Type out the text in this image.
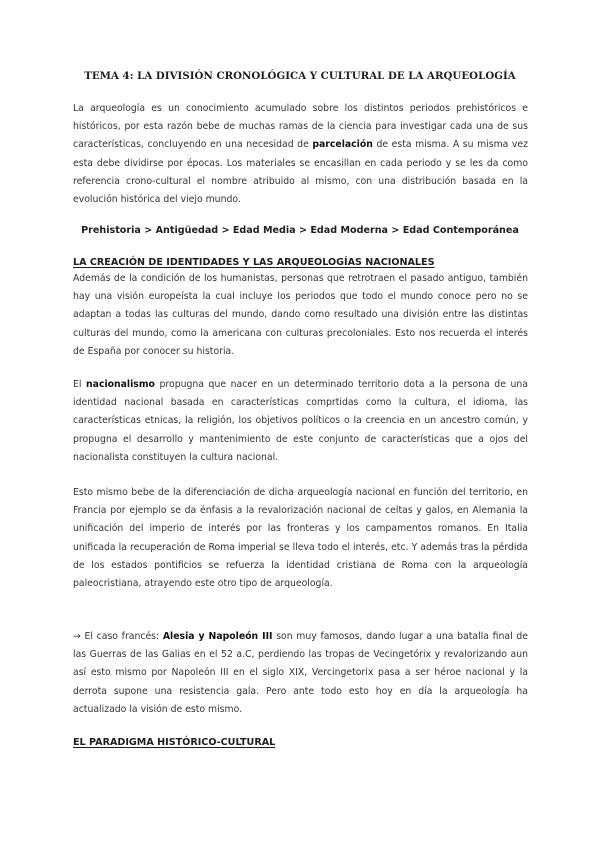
TEMA 4: LA DIVISIÓN CRONOLÓGICA Y CULTURAL DE LA ARQUEOLOGÍA

La arqueología es un conocimiento acumulado sobre los distintos periodos prehistóricos e históricos, por esta razón bebe de muchas ramas de la ciencia para investigar cada una de sus características, concluyendo en una necesidad de parcelación de esta misma. A su misma vez esta debe dividirse por épocas. Los materiales se encasillan en cada periodo y se les da como referencia crono-cultural el nombre atribuido al mismo, con una distribución basada en la evolución histórica del viejo mundo.

Prehistoria > Antigüedad > Edad Media > Edad Moderna > Edad Contemporánea
LA CREACIÓN DE IDENTIDADES Y LAS ARQUEOLOGÍAS NACIONALES

Además de la condición de los humanistas, personas que retrotraen el pasado antiguo, también hay una visión europeísta la cual incluye los periodos que todo el mundo conoce pero no se adaptan a todas las culturas del mundo, dando como resultado una división entre las distintas culturas del mundo, como la americana con culturas precoloniales. Esto nos recuerda el interés de España por conocer su historia.

El nacionalismo propugna que nacer en un determinado territorio dota a la persona de una identidad nacional basada en características comprtidas como la cultura, el idioma, las características etnicas, la religión, los objetivos políticos o la creencia en un ancestro común, y propugna el desarrollo y mantenimiento de este conjunto de características que a ojos del nacionalista constituyen la cultura nacional.

Esto mismo bebe de la diferenciación de dicha arqueología nacional en función del territorio, en Francia por ejemplo se da énfasis a la revalorización nacional de celtas y galos, en Alemania la unificación del imperio de interés por las fronteras y los campamentos romanos. En Italia unificada la recuperación de Roma imperial se lleva todo el interés, etc. Y además tras la pérdida de los estados pontificios se refuerza la identidad cristiana de Roma con la arqueología paleocristiana, atrayendo este otro tipo de arqueología.

→ El caso francés: Alesia y Napoleón III son muy famosos, dando lugar a una batalla final de las Guerras de las Galias en el 52 a.C, perdiendo las tropas de Vecingetórix y revalorizando aun así esto mismo por Napoleón III en el siglo XIX, Vercingetorix pasa a ser héroe nacional y la derrota supone una resistencia gala. Pero ante todo esto hoy en día la arqueología ha actualizado la visión de esto mismo.

EL PARADIGMA HISTÓRICO-CULTURAL
